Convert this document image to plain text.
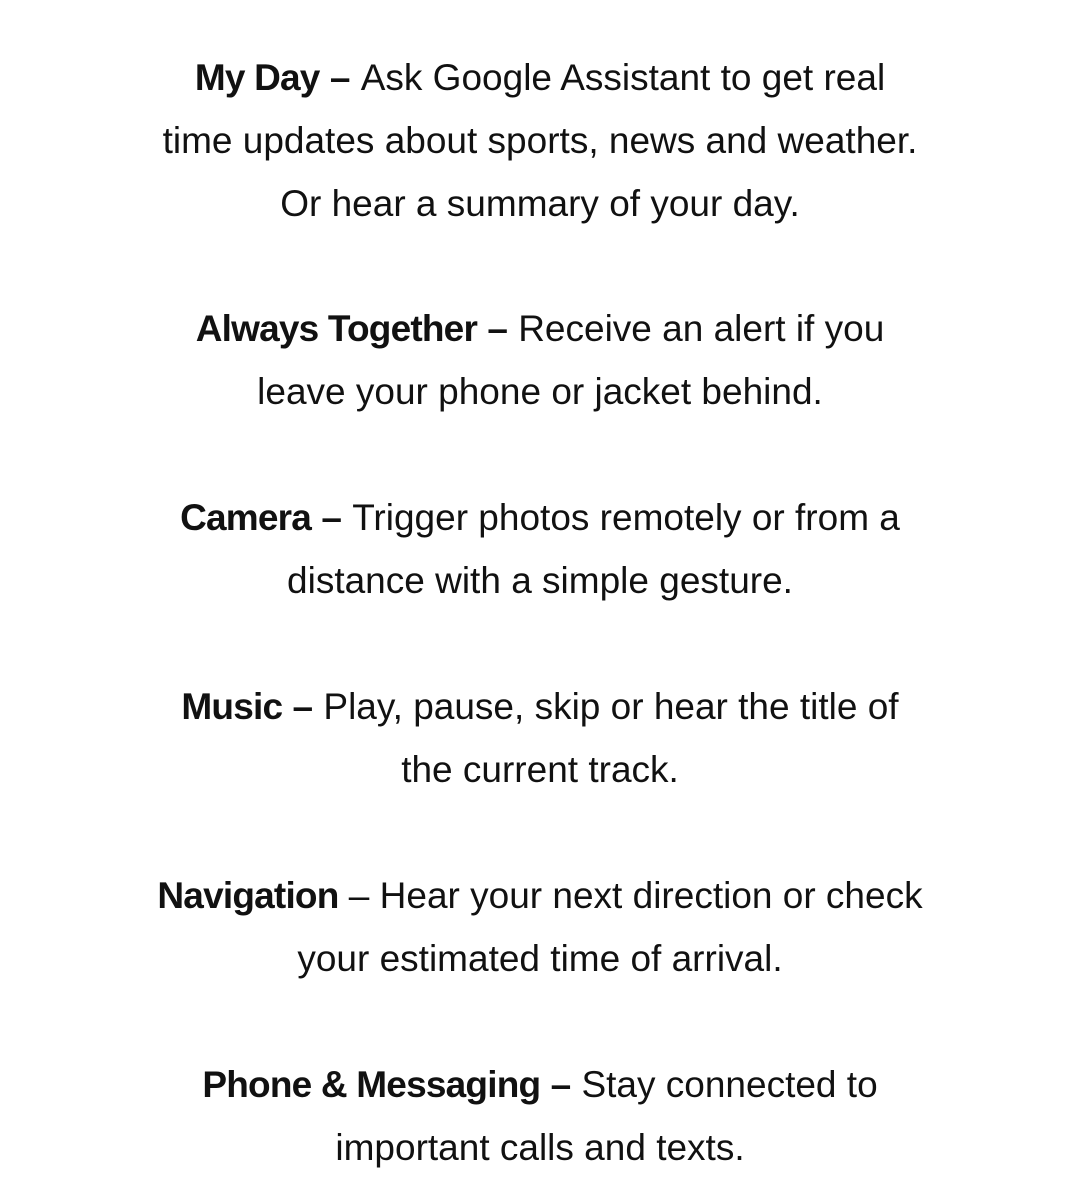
My Day – Ask Google Assistant to get real
time updates about sports, news and weather.
Or hear a summary of your day.

Always Together – Receive an alert if you
leave your phone or jacket behind.

Camera – Trigger photos remotely or from a
distance with a simple gesture.

Music – Play, pause, skip or hear the title of
the current track.

Navigation – Hear your next direction or check
your estimated time of arrival.

Phone & Messaging – Stay connected to
important calls and texts.
